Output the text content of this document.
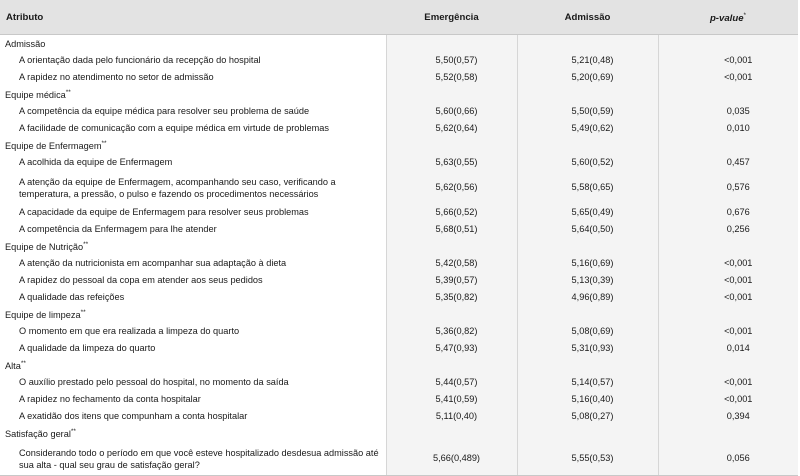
Atributo	Emergência	Admissão	p-value*
Admissão			
A orientação dada pelo funcionário da recepção do hospital	5,50(0,57)	5,21(0,48)	<0,001
A rapidez no atendimento no setor de admissão	5,52(0,58)	5,20(0,69)	<0,001
Equipe médica**			
A competência da equipe médica para resolver seu problema de saúde	5,60(0,66)	5,50(0,59)	0,035
A facilidade de comunicação com a equipe médica em virtude de problemas	5,62(0,64)	5,49(0,62)	0,010
Equipe de Enfermagem**			
A acolhida da equipe de Enfermagem	5,63(0,55)	5,60(0,52)	0,457
A atenção da equipe de Enfermagem, acompanhando seu caso, verificando a temperatura, a pressão, o pulso e fazendo os procedimentos necessários	5,62(0,56)	5,58(0,65)	0,576
A capacidade da equipe de Enfermagem para resolver seus problemas	5,66(0,52)	5,65(0,49)	0,676
A competência da Enfermagem para lhe atender	5,68(0,51)	5,64(0,50)	0,256
Equipe de Nutrição**			
A atenção da nutricionista em acompanhar sua adaptação à dieta	5,42(0,58)	5,16(0,69)	<0,001
A rapidez do pessoal da copa em atender aos seus pedidos	5,39(0,57)	5,13(0,39)	<0,001
A qualidade das refeições	5,35(0,82)	4,96(0,89)	<0,001
Equipe de limpeza**			
O momento em que era realizada a limpeza do quarto	5,36(0,82)	5,08(0,69)	<0,001
A qualidade da limpeza do quarto	5,47(0,93)	5,31(0,93)	0,014
Alta**			
O auxílio prestado pelo pessoal do hospital, no momento da saída	5,44(0,57)	5,14(0,57)	<0,001
A rapidez no fechamento da conta hospitalar	5,41(0,59)	5,16(0,40)	<0,001
A exatidão dos itens que compunham a conta hospitalar	5,11(0,40)	5,08(0,27)	0,394
Satisfação geral**			
Considerando todo o período em que você esteve hospitalizado desdesua admissão até sua alta - qual seu grau de satisfação geral?	5,66(0,489)	5,55(0,53)	0,056
